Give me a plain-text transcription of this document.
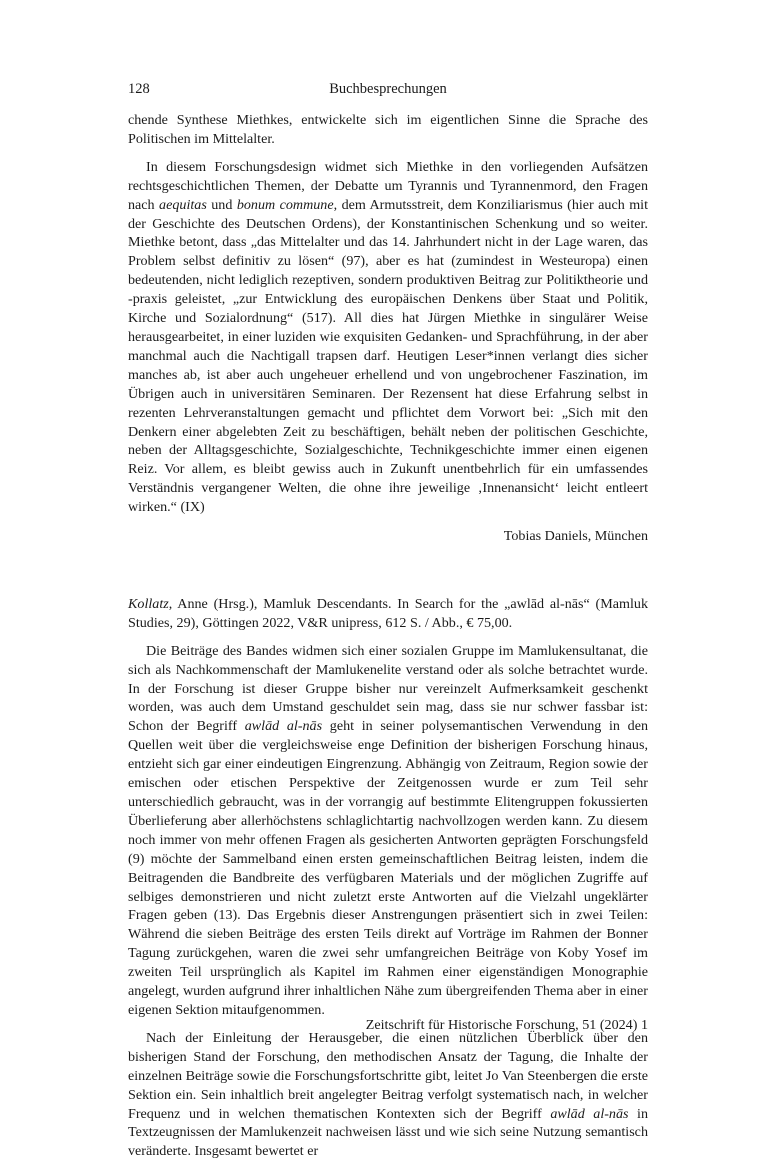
128	Buchbesprechungen

chende Synthese Miethkes, entwickelte sich im eigentlichen Sinne die Sprache des Politischen im Mittelalter.

In diesem Forschungsdesign widmet sich Miethke in den vorliegenden Aufsätzen rechtsgeschichtlichen Themen, der Debatte um Tyrannis und Tyrannenmord, den Fragen nach aequitas und bonum commune, dem Armutsstreit, dem Konziliarismus (hier auch mit der Geschichte des Deutschen Ordens), der Konstantinischen Schenkung und so weiter. Miethke betont, dass „das Mittelalter und das 14. Jahrhundert nicht in der Lage waren, das Problem selbst definitiv zu lösen“ (97), aber es hat (zumindest in Westeuropa) einen bedeutenden, nicht lediglich rezeptiven, sondern produktiven Beitrag zur Politiktheorie und -praxis geleistet, „zur Entwicklung des europäischen Denkens über Staat und Politik, Kirche und Sozialordnung“ (517). All dies hat Jürgen Miethke in singulärer Weise herausgearbeitet, in einer luziden wie exquisiten Gedanken- und Sprachführung, in der aber manchmal auch die Nachtigall trapsen darf. Heutigen Leser*innen verlangt dies sicher manches ab, ist aber auch ungeheuer erhellend und von ungebrochener Faszination, im Übrigen auch in universitären Seminaren. Der Rezensent hat diese Erfahrung selbst in rezenten Lehrveranstaltungen gemacht und pflichtet dem Vorwort bei: „Sich mit den Denkern einer abgelebten Zeit zu beschäftigen, behält neben der politischen Geschichte, neben der Alltagsgeschichte, Sozialgeschichte, Technikgeschichte immer einen eigenen Reiz. Vor allem, es bleibt gewiss auch in Zukunft unentbehrlich für ein umfassendes Verständnis vergangener Welten, die ohne ihre jeweilige ‚Innenansicht‘ leicht entleert wirken.“ (IX)

Tobias Daniels, München

Kollatz, Anne (Hrsg.), Mamluk Descendants. In Search for the „awlād al-nās“ (Mamluk Studies, 29), Göttingen 2022, V&R unipress, 612 S. / Abb., € 75,00.

Die Beiträge des Bandes widmen sich einer sozialen Gruppe im Mamlukensultanat, die sich als Nachkommenschaft der Mamlukenelite verstand oder als solche betrachtet wurde. In der Forschung ist dieser Gruppe bisher nur vereinzelt Aufmerksamkeit geschenkt worden, was auch dem Umstand geschuldet sein mag, dass sie nur schwer fassbar ist: Schon der Begriff awlād al-nās geht in seiner polysemantischen Verwendung in den Quellen weit über die vergleichsweise enge Definition der bisherigen Forschung hinaus, entzieht sich gar einer eindeutigen Eingrenzung. Abhängig von Zeitraum, Region sowie der emischen oder etischen Perspektive der Zeitgenossen wurde er zum Teil sehr unterschiedlich gebraucht, was in der vorrangig auf bestimmte Elitengruppen fokussierten Überlieferung aber allerhöchstens schlaglichtartig nachvollzogen werden kann. Zu diesem noch immer von mehr offenen Fragen als gesicherten Antworten geprägten Forschungsfeld (9) möchte der Sammelband einen ersten gemeinschaftlichen Beitrag leisten, indem die Beitragenden die Bandbreite des verfügbaren Materials und der möglichen Zugriffe auf selbiges demonstrieren und nicht zuletzt erste Antworten auf die Vielzahl ungeklärter Fragen geben (13). Das Ergebnis dieser Anstrengungen präsentiert sich in zwei Teilen: Während die sieben Beiträge des ersten Teils direkt auf Vorträge im Rahmen der Bonner Tagung zurückgehen, waren die zwei sehr umfangreichen Beiträge von Koby Yosef im zweiten Teil ursprünglich als Kapitel im Rahmen einer eigenständigen Monographie angelegt, wurden aufgrund ihrer inhaltlichen Nähe zum übergreifenden Thema aber in einer eigenen Sektion mitaufgenommen.

Nach der Einleitung der Herausgeber, die einen nützlichen Überblick über den bisherigen Stand der Forschung, den methodischen Ansatz der Tagung, die Inhalte der einzelnen Beiträge sowie die Forschungsfortschritte gibt, leitet Jo Van Steenbergen die erste Sektion ein. Sein inhaltlich breit angelegter Beitrag verfolgt systematisch nach, in welcher Frequenz und in welchen thematischen Kontexten sich der Begriff awlād al-nās in Textzeugnissen der Mamlukenzeit nachweisen lässt und wie sich seine Nutzung semantisch veränderte. Insgesamt bewertet er

Zeitschrift für Historische Forschung, 51 (2024) 1
